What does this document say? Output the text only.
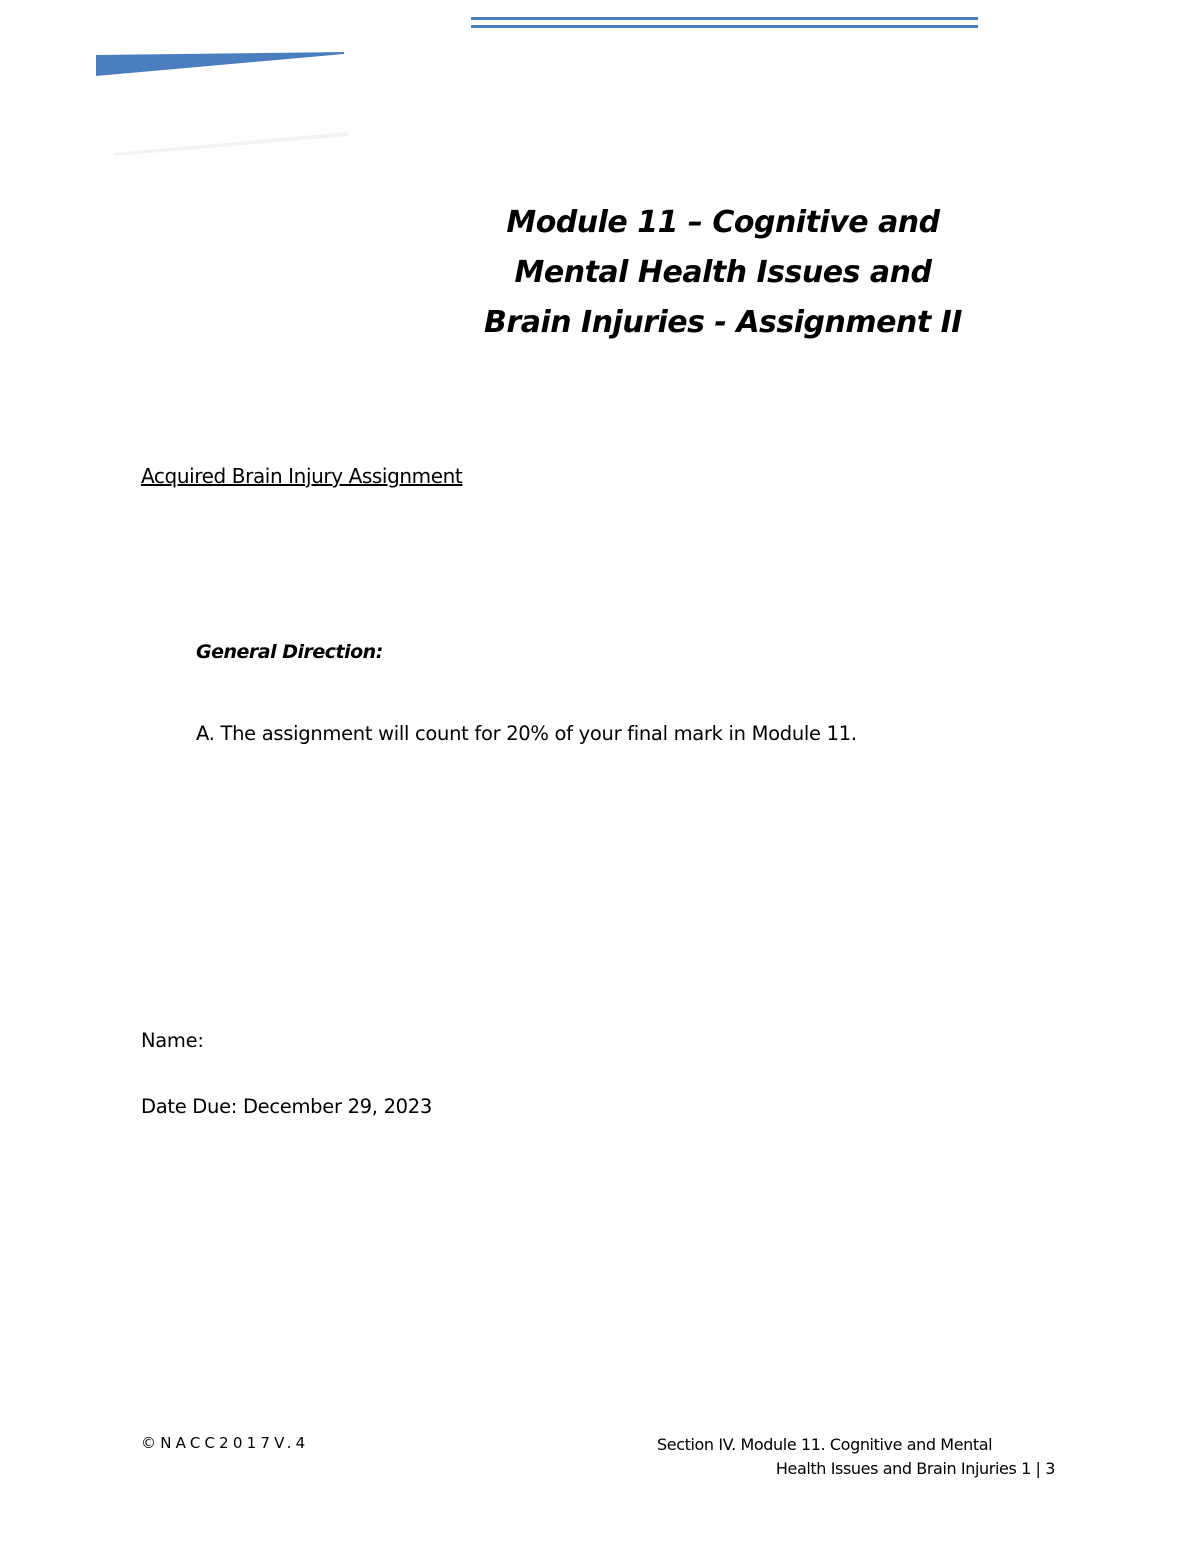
Module 11 – Cognitive and
Mental Health Issues and
Brain Injuries - Assignment II
Acquired Brain Injury Assignment
General Direction:
A. The assignment will count for 20% of your final mark in Module 11.
Name:
Date Due: December 29, 2023
©NACC2017V.4	Section IV. Module 11. Cognitive and Mental
Health Issues and Brain Injuries 1 | 3
